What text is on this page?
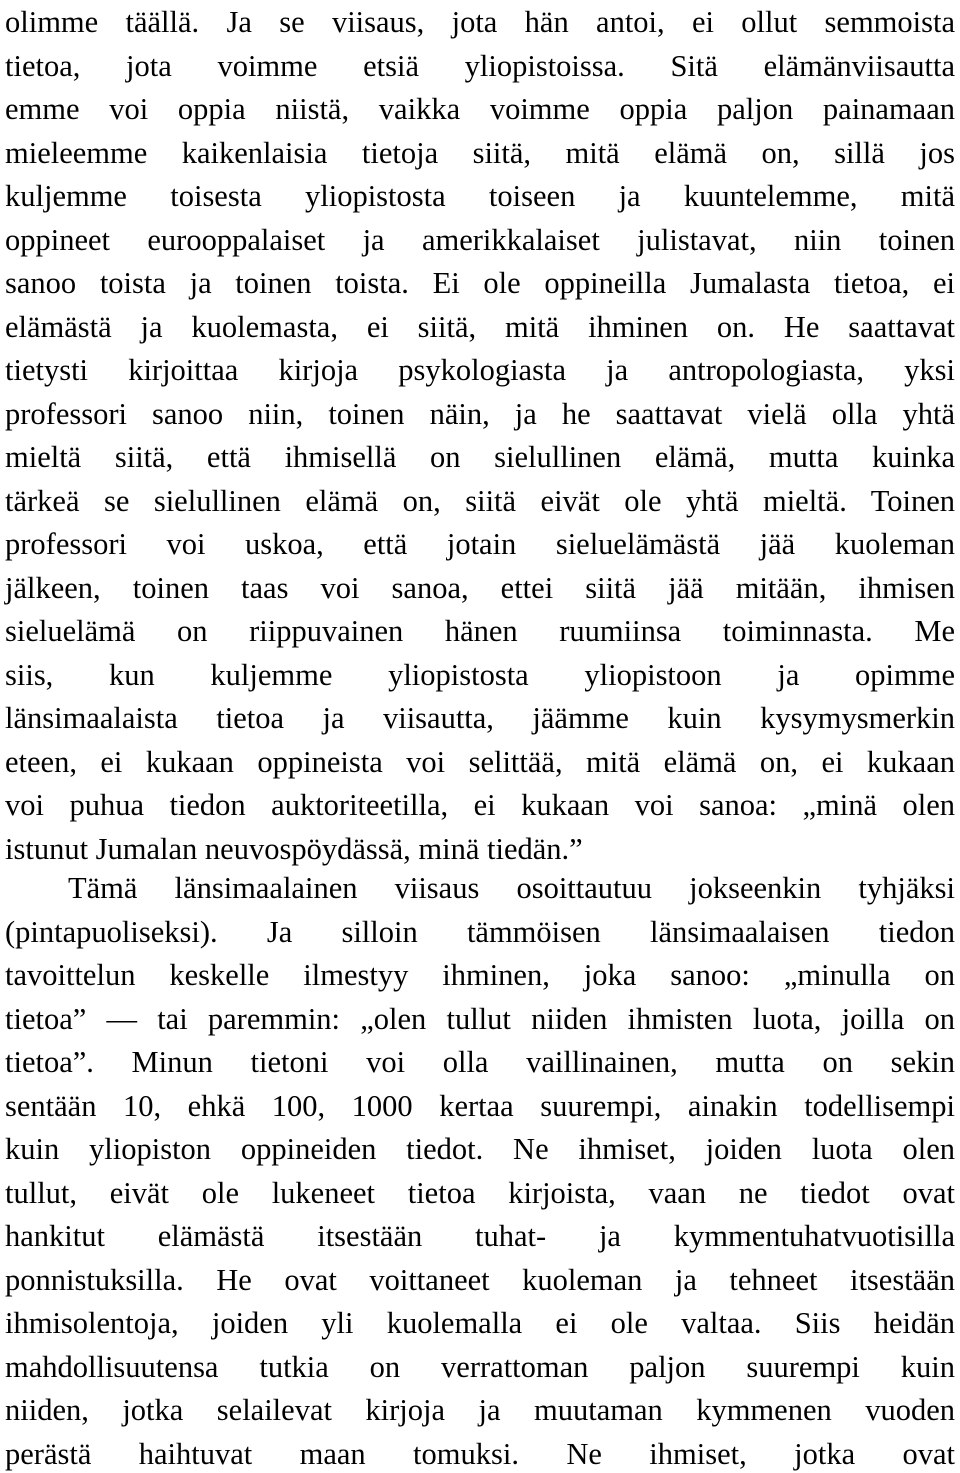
olimme täällä. Ja se viisaus, jota hän antoi, ei ollut semmoista
tietoa, jota voimme etsiä yliopistoissa. Sitä elämänviisautta
emme voi oppia niistä, vaikka voimme oppia paljon painamaan
mieleemme kaikenlaisia tietoja siitä, mitä elämä on, sillä jos
kuljemme toisesta yliopistosta toiseen ja kuuntelemme, mitä
oppineet eurooppalaiset ja amerikkalaiset julistavat, niin toinen
sanoo toista ja toinen toista. Ei ole oppineilla Jumalasta tietoa, ei
elämästä ja kuolemasta, ei siitä, mitä ihminen on. He saattavat
tietysti kirjoittaa kirjoja psykologiasta ja antropologiasta, yksi
professori sanoo niin, toinen näin, ja he saattavat vielä olla yhtä
mieltä siitä, että ihmisellä on sielullinen elämä, mutta kuinka
tärkeä se sielullinen elämä on, siitä eivät ole yhtä mieltä. Toinen
professori voi uskoa, että jotain sieluelämästä jää kuoleman
jälkeen, toinen taas voi sanoa, ettei siitä jää mitään, ihmisen
sieluelämä on riippuvainen hänen ruumiinsa toiminnasta. Me
siis, kun kuljemme yliopistosta yliopistoon ja opimme
länsimaalaista tietoa ja viisautta, jäämme kuin kysymysmerkin
eteen, ei kukaan oppineista voi selittää, mitä elämä on, ei kukaan
voi puhua tiedon auktoriteetilla, ei kukaan voi sanoa: „minä olen
istunut Jumalan neuvospöydässä, minä tiedän.”
Tämä länsimaalainen viisaus osoittautuu jokseenkin tyhjäksi
(pintapuoliseksi). Ja silloin tämmöisen länsimaalaisen tiedon
tavoittelun keskelle ilmestyy ihminen, joka sanoo: „minulla on
tietoa” — tai paremmin: „olen tullut niiden ihmisten luota, joilla on
tietoa”. Minun tietoni voi olla vaillinainen, mutta on sekin
sentään 10, ehkä 100, 1000 kertaa suurempi, ainakin todellisempi
kuin yliopiston oppineiden tiedot. Ne ihmiset, joiden luota olen
tullut, eivät ole lukeneet tietoa kirjoista, vaan ne tiedot ovat
hankitut elämästä itsestään tuhat- ja kymmentuhatvuotisilla
ponnistuksilla. He ovat voittaneet kuoleman ja tehneet itsestään
ihmisolentoja, joiden yli kuolemalla ei ole valtaa. Siis heidän
mahdollisuutensa tutkia on verrattoman paljon suurempi kuin
niiden, jotka selailevat kirjoja ja muutaman kymmenen vuoden
perästä haihtuvat maan tomuksi. Ne ihmiset, jotka ovat
